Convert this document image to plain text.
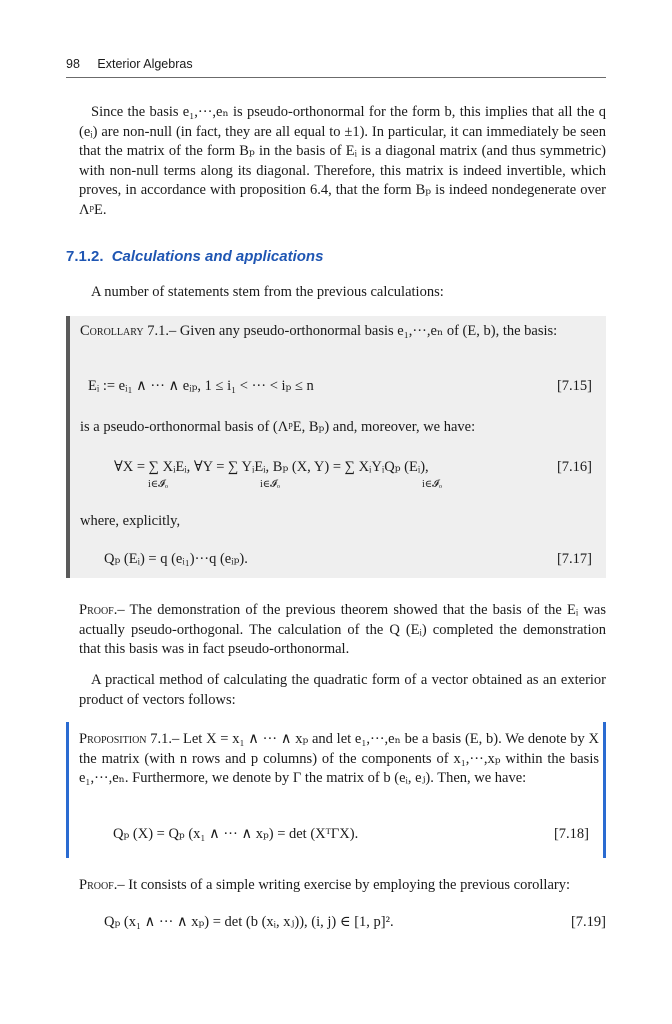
98 Exterior Algebras

Since the basis e₁,···,eₙ is pseudo-orthonormal for the form b, this implies that all the q (eᵢ) are non-null (in fact, they are all equal to ±1). In particular, it can immediately be seen that the matrix of the form Bₚ in the basis of Eᵢ is a diagonal matrix (and thus symmetric) with non-null terms along its diagonal. Therefore, this matrix is indeed invertible, which proves, in accordance with proposition 6.4, that the form Bₚ is indeed nondegenerate over ΛᵖE.

7.1.2. Calculations and applications

A number of statements stem from the previous calculations:

Corollary 7.1.– Given any pseudo-orthonormal basis e₁,···,eₙ of (E, b), the basis:

Eᵢ := eᵢ₁ ∧ ··· ∧ eᵢₚ, 1 ≤ i₁ < ··· < iₚ ≤ n	[7.15]

is a pseudo-orthonormal basis of (ΛᵖE, Bₚ) and, moreover, we have:

∀X = ∑ XᵢEᵢ, ∀Y = ∑ YᵢEᵢ, Bₚ (X, Y) = ∑ XᵢYᵢQₚ (Eᵢ),
i∈𝓘ₒ	i∈𝓘ₒ	i∈𝓘ₒ
[7.16]

where, explicitly,

Qₚ (Eᵢ) = q (eᵢ₁)···q (eᵢₚ).	[7.17]

Proof.– The demonstration of the previous theorem showed that the basis of the Eᵢ was actually pseudo-orthogonal. The calculation of the Q (Eᵢ) completed the demonstration that this basis was in fact pseudo-orthonormal.

A practical method of calculating the quadratic form of a vector obtained as an exterior product of vectors follows:

Proposition 7.1.– Let X = x₁ ∧ ··· ∧ xₚ and let e₁,···,eₙ be a basis (E, b). We denote by X the matrix (with n rows and p columns) of the components of x₁,···,xₚ within the basis e₁,···,eₙ. Furthermore, we denote by Γ the matrix of b (eᵢ, eⱼ). Then, we have:

Qₚ (X) = Qₚ (x₁ ∧ ··· ∧ xₚ) = det (XᵀΓX).	[7.18]

Proof.– It consists of a simple writing exercise by employing the previous corollary:

Qₚ (x₁ ∧ ··· ∧ xₚ) = det (b (xᵢ, xⱼ)), (i, j) ∈ [1, p]².	[7.19]
